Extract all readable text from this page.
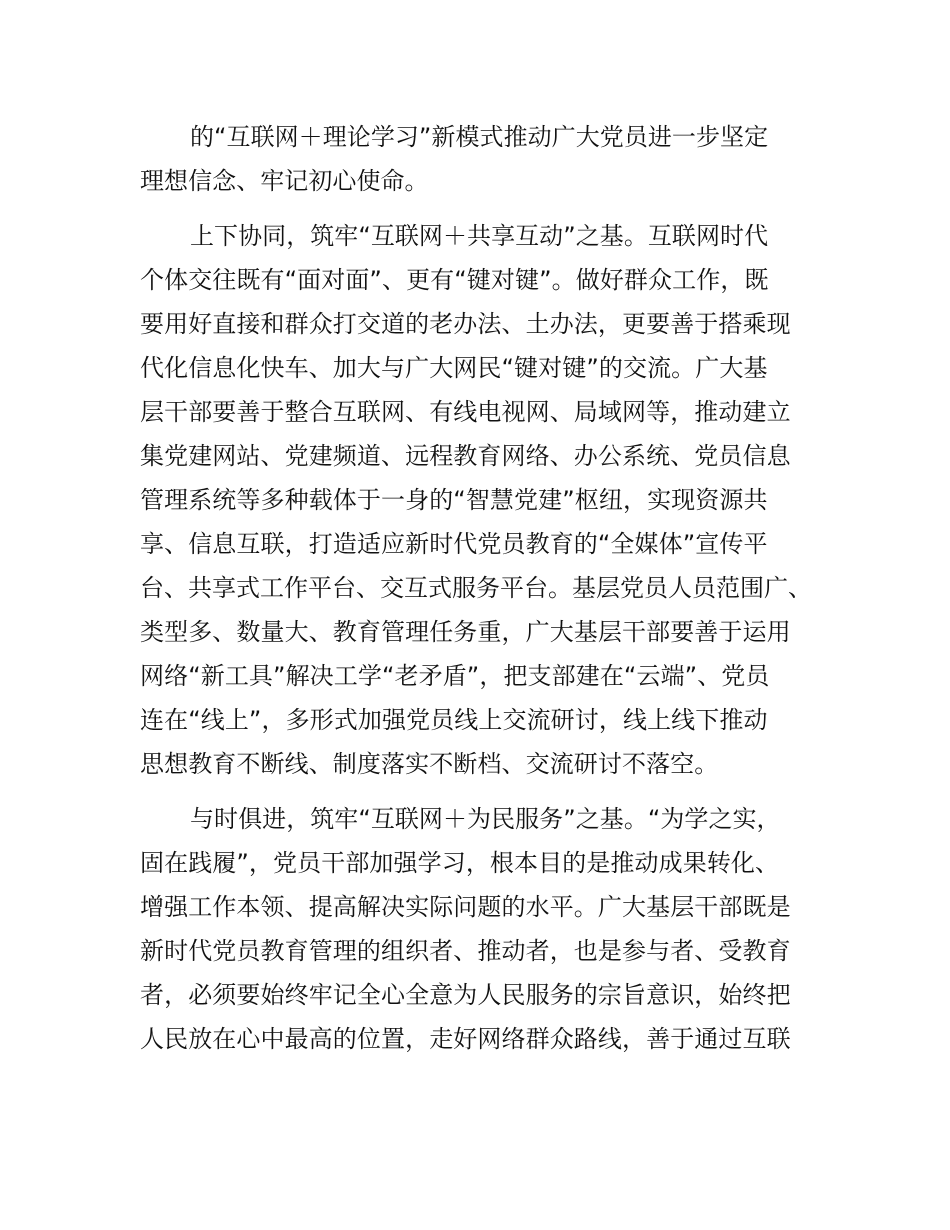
的“互联网＋理论学习”新模式推动广大党员进一步坚定
理想信念、牢记初心使命。
上下协同，筑牢“互联网＋共享互动”之基。互联网时代
个体交往既有“面对面”、更有“键对键”。做好群众工作，既
要用好直接和群众打交道的老办法、土办法，更要善于搭乘现
代化信息化快车、加大与广大网民“键对键”的交流。广大基
层干部要善于整合互联网、有线电视网、局域网等，推动建立
集党建网站、党建频道、远程教育网络、办公系统、党员信息
管理系统等多种载体于一身的“智慧党建”枢纽，实现资源共
享、信息互联，打造适应新时代党员教育的“全媒体”宣传平
台、共享式工作平台、交互式服务平台。基层党员人员范围广、
类型多、数量大、教育管理任务重，广大基层干部要善于运用
网络“新工具”解决工学“老矛盾”，把支部建在“云端”、党员
连在“线上”，多形式加强党员线上交流研讨，线上线下推动
思想教育不断线、制度落实不断档、交流研讨不落空。
与时俱进，筑牢“互联网＋为民服务”之基。“为学之实，
固在践履”，党员干部加强学习，根本目的是推动成果转化、
增强工作本领、提高解决实际问题的水平。广大基层干部既是
新时代党员教育管理的组织者、推动者，也是参与者、受教育
者，必须要始终牢记全心全意为人民服务的宗旨意识，始终把
人民放在心中最高的位置，走好网络群众路线，善于通过互联
